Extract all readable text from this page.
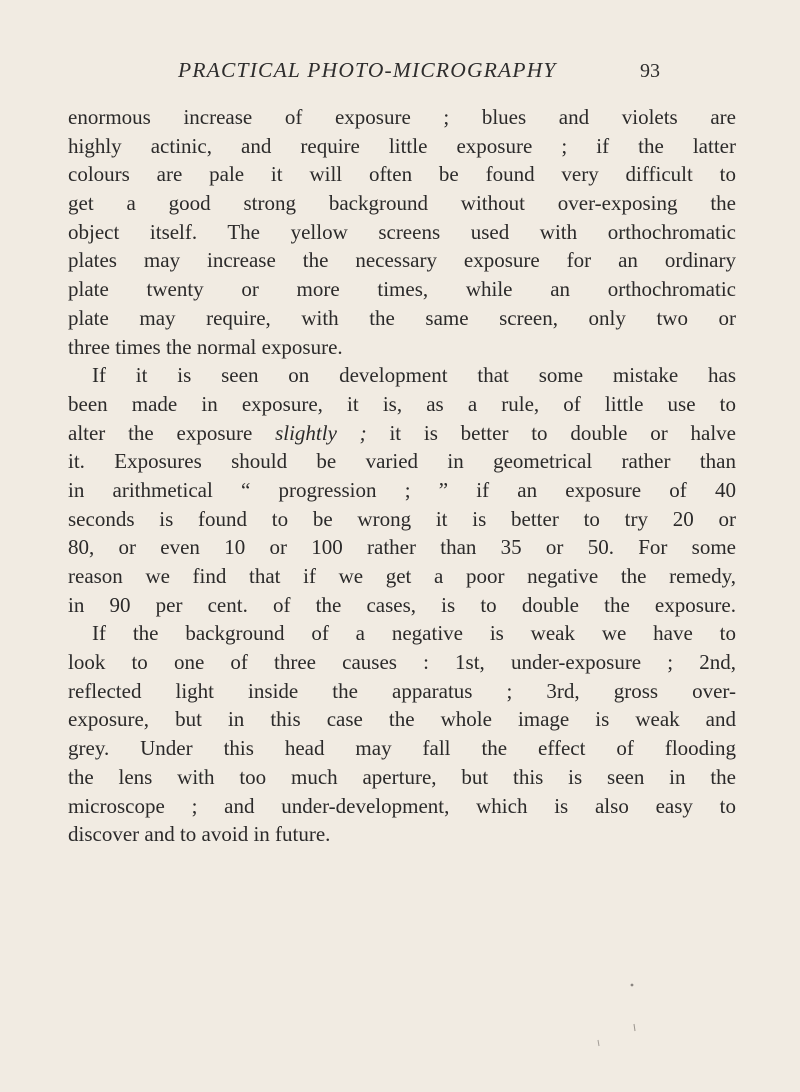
PRACTICAL PHOTO-MICROGRAPHY	93
enormous increase of exposure ; blues and violets are
highly actinic, and require little exposure ; if the latter
colours are pale it will often be found very difficult to
get a good strong background without over-exposing the
object itself. The yellow screens used with orthochromatic
plates may increase the necessary exposure for an ordinary
plate twenty or more times, while an orthochromatic
plate may require, with the same screen, only two or
three times the normal exposure.
If it is seen on development that some mistake has
been made in exposure, it is, as a rule, of little use to
alter the exposure slightly ; it is better to double or halve
it. Exposures should be varied in geometrical rather than
in arithmetical “ progression ; ” if an exposure of 40
seconds is found to be wrong it is better to try 20 or
80, or even 10 or 100 rather than 35 or 50. For some
reason we find that if we get a poor negative the remedy,
in 90 per cent. of the cases, is to double the exposure.
If the background of a negative is weak we have to
look to one of three causes : 1st, under-exposure ; 2nd,
reflected light inside the apparatus ; 3rd, gross over-
exposure, but in this case the whole image is weak and
grey. Under this head may fall the effect of flooding
the lens with too much aperture, but this is seen in the
microscope ; and under-development, which is also easy to
discover and to avoid in future.
